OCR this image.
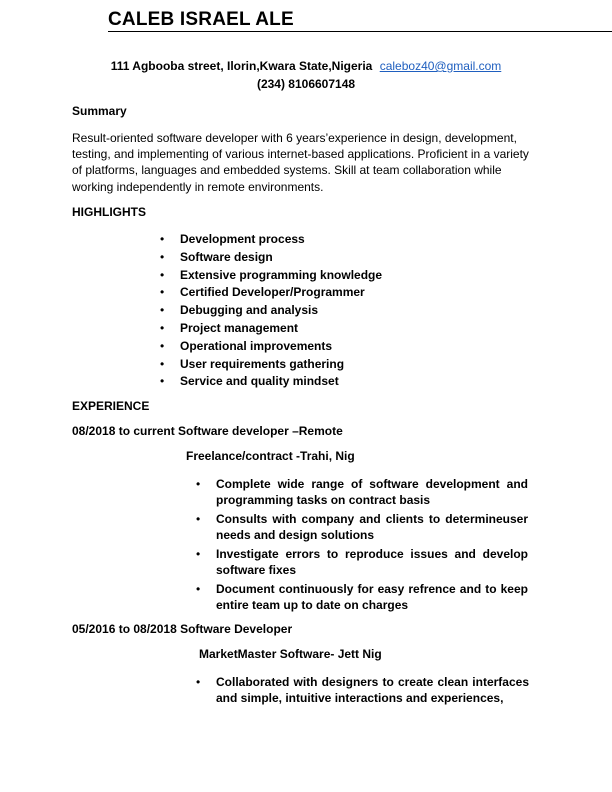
CALEB ISRAEL ALE
111 Agbooba street, Ilorin,Kwara State,Nigeria caleboz40@gmail.com
(234) 8106607148
Summary
Result-oriented software developer with 6 years’experience in design, development, testing, and implementing of various internet-based applications. Proficient in a variety of platforms, languages and embedded systems. Skill at team collaboration while working independently in remote environments.
HIGHLIGHTS
• Development process
• Software design
• Extensive programming knowledge
• Certified Developer/Programmer
• Debugging and analysis
• Project management
• Operational improvements
• User requirements gathering
• Service and quality mindset
EXPERIENCE
08/2018 to current Software developer –Remote
Freelance/contract -Trahi, Nig
• Complete wide range of software development and programming tasks on contract basis
• Consults with company and clients to determineuser needs and design solutions
• Investigate errors to reproduce issues and develop software fixes
• Document continuously for easy refrence and to keep entire team up to date on charges
05/2016 to 08/2018 Software Developer
MarketMaster Software- Jett Nig
• Collaborated with designers to create clean interfaces and simple, intuitive interactions and experiences,
